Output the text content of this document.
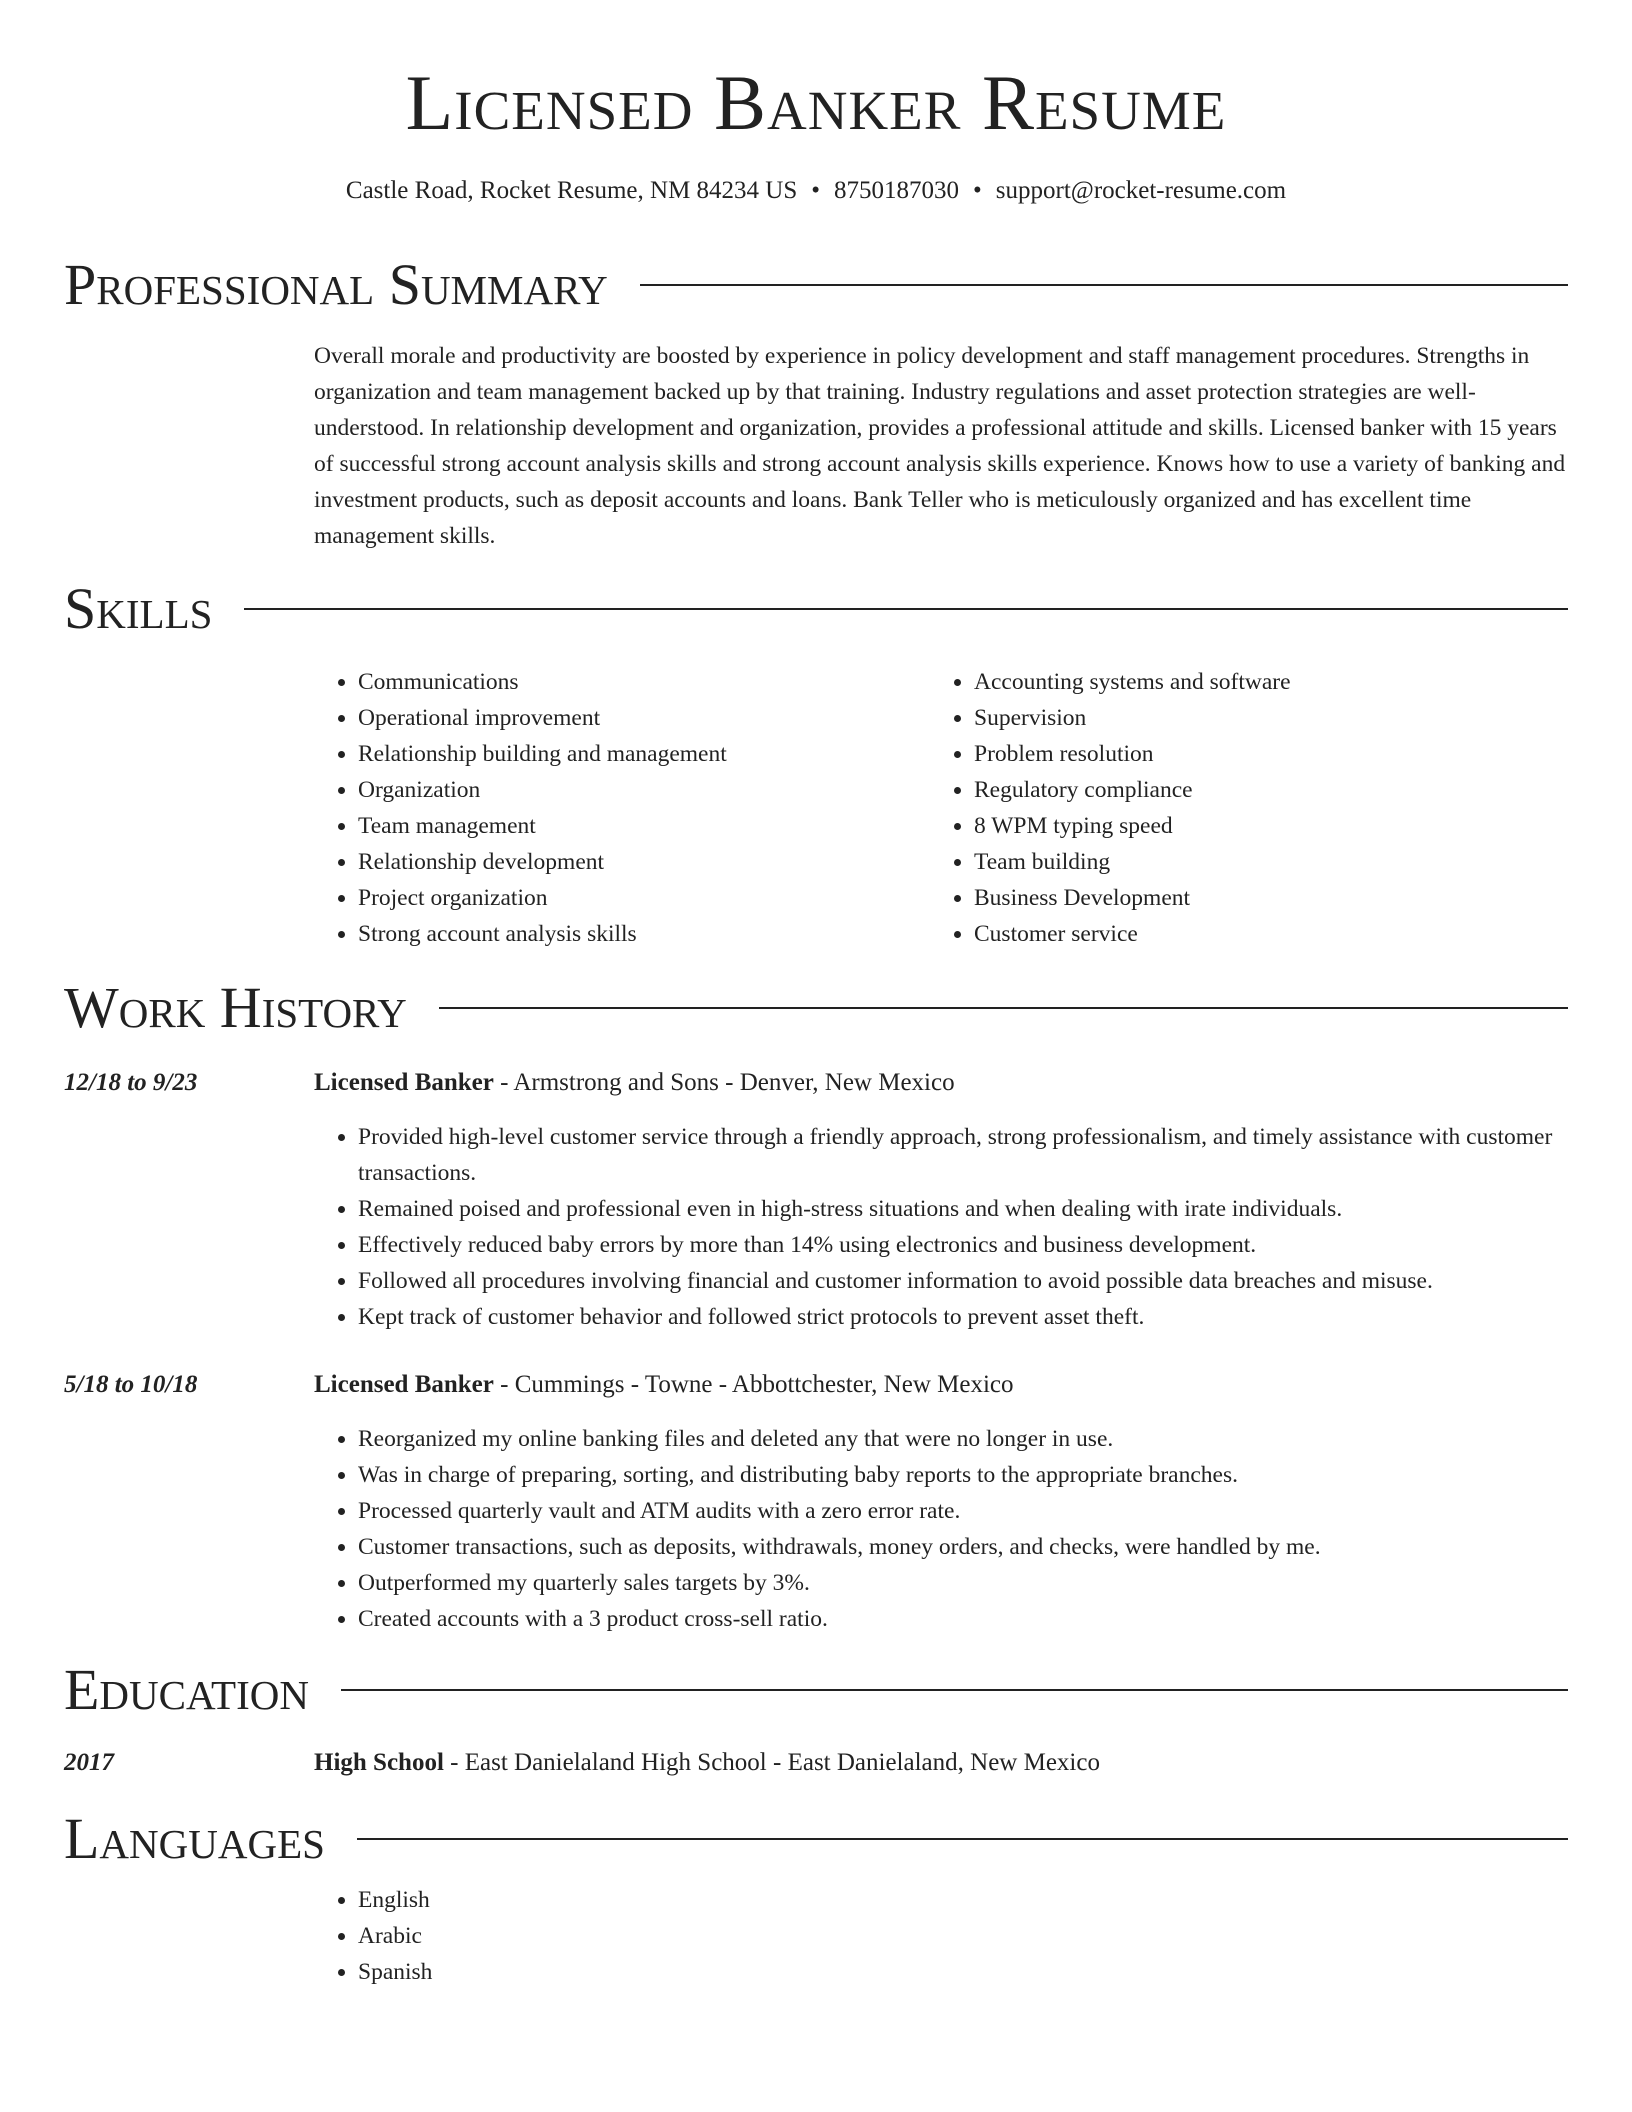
Licensed Banker Resume
Castle Road, Rocket Resume, NM 84234 US • 8750187030 • support@rocket-resume.com
Professional Summary

Overall morale and productivity are boosted by experience in policy development and staff management procedures. Strengths in organization and team management backed up by that training. Industry regulations and asset protection strategies are well-understood. In relationship development and organization, provides a professional attitude and skills. Licensed banker with 15 years of successful strong account analysis skills and strong account analysis skills experience. Knows how to use a variety of banking and investment products, such as deposit accounts and loans. Bank Teller who is meticulously organized and has excellent time management skills.

Skills
• Communications
• Operational improvement
• Relationship building and management
• Organization
• Team management
• Relationship development
• Project organization
• Strong account analysis skills
• Accounting systems and software
• Supervision
• Problem resolution
• Regulatory compliance
• 8 WPM typing speed
• Team building
• Business Development
• Customer service
Work History
12/18 to 9/23	Licensed Banker - Armstrong and Sons - Denver, New Mexico
• Provided high-level customer service through a friendly approach, strong professionalism, and timely assistance with customer transactions.
• Remained poised and professional even in high-stress situations and when dealing with irate individuals.
• Effectively reduced baby errors by more than 14% using electronics and business development.
• Followed all procedures involving financial and customer information to avoid possible data breaches and misuse.
• Kept track of customer behavior and followed strict protocols to prevent asset theft.
5/18 to 10/18	Licensed Banker - Cummings - Towne - Abbottchester, New Mexico
• Reorganized my online banking files and deleted any that were no longer in use.
• Was in charge of preparing, sorting, and distributing baby reports to the appropriate branches.
• Processed quarterly vault and ATM audits with a zero error rate.
• Customer transactions, such as deposits, withdrawals, money orders, and checks, were handled by me.
• Outperformed my quarterly sales targets by 3%.
• Created accounts with a 3 product cross-sell ratio.
Education
2017	High School - East Danielaland High School - East Danielaland, New Mexico
Languages
• English
• Arabic
• Spanish
